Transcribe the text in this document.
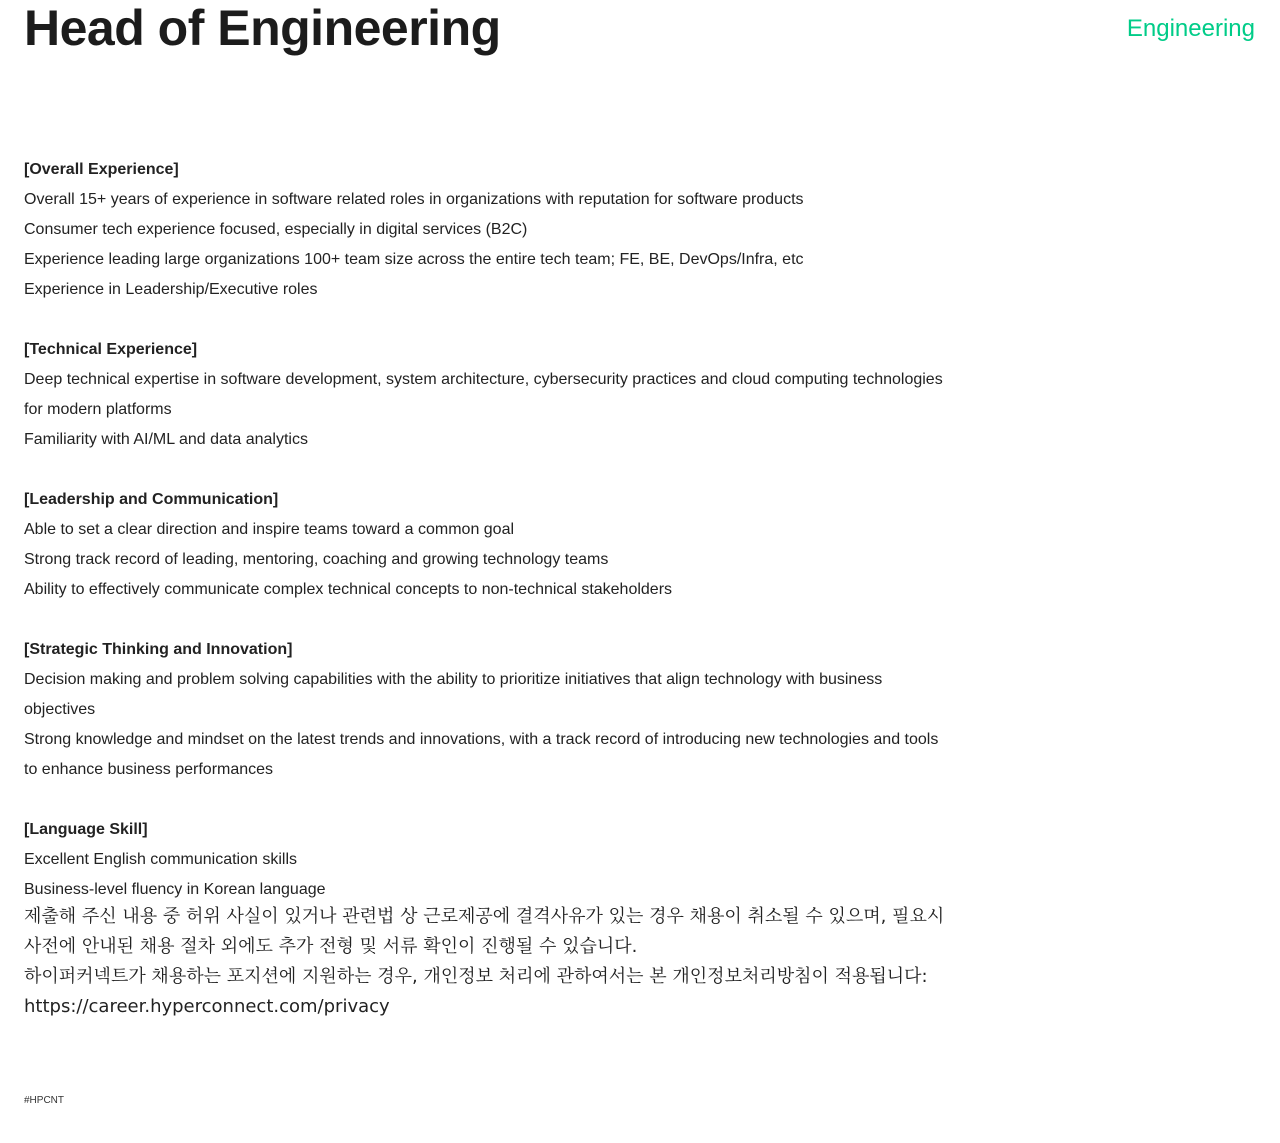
Head of Engineering	Engineering

[Overall Experience]

Overall 15+ years of experience in software related roles in organizations with reputation for software products

Consumer tech experience focused, especially in digital services (B2C)

Experience leading large organizations 100+ team size across the entire tech team; FE, BE, DevOps/Infra, etc

Experience in Leadership/Executive roles

[Technical Experience]

Deep technical expertise in software development, system architecture, cybersecurity practices and cloud computing technologies for modern platforms

Familiarity with AI/ML and data analytics

[Leadership and Communication]

Able to set a clear direction and inspire teams toward a common goal

Strong track record of leading, mentoring, coaching and growing technology teams

Ability to effectively communicate complex technical concepts to non-technical stakeholders

[Strategic Thinking and Innovation]

Decision making and problem solving capabilities with the ability to prioritize initiatives that align technology with business objectives

Strong knowledge and mindset on the latest trends and innovations, with a track record of introducing new technologies and tools to enhance business performances

[Language Skill]

Excellent English communication skills

Business-level fluency in Korean language

제출해 주신 내용 중 허위 사실이 있거나 관련법 상 근로제공에 결격사유가 있는 경우 채용이 취소될 수 있으며, 필요시 사전에 안내된 채용 절차 외에도 추가 전형 및 서류 확인이 진행될 수 있습니다.

하이퍼커넥트가 채용하는 포지션에 지원하는 경우, 개인정보 처리에 관하여서는 본 개인정보처리방침이 적용됩니다: https://career.hyperconnect.com/privacy

#HPCNT
